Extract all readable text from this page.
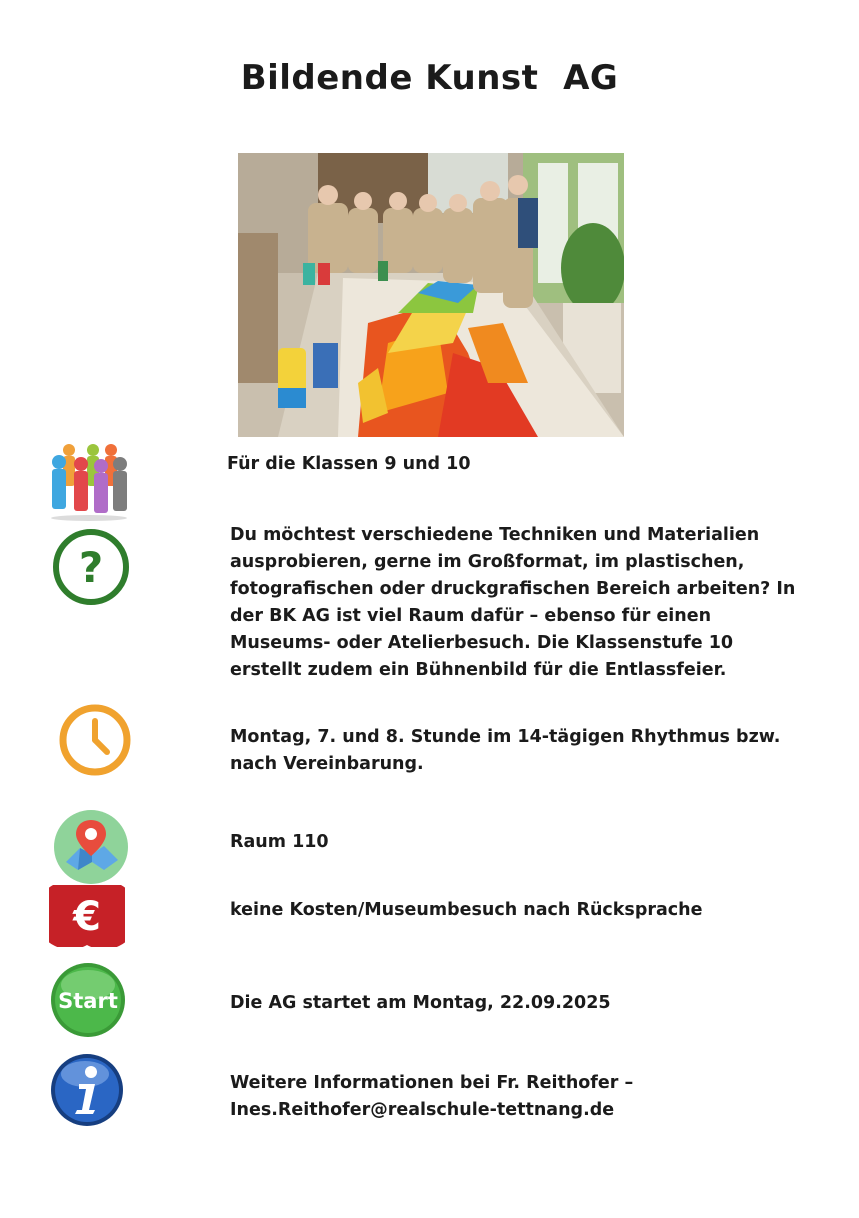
Bildende Kunst  AG
Für die Klassen 9 und 10
?
Du möchtest verschiedene Techniken und Materialien ausprobieren, gerne im Großformat, im plastischen, fotografischen oder druckgrafischen Bereich arbeiten? In der BK AG ist viel Raum dafür – ebenso für einen Museums- oder Atelierbesuch. Die Klassenstufe 10 erstellt zudem ein Bühnenbild für die Entlassfeier.
Montag, 7. und 8. Stunde im 14-tägigen Rhythmus bzw. nach Vereinbarung.
Raum 110
€	keine Kosten/Museumbesuch nach Rücksprache
Start	Die AG startet am Montag, 22.09.2025
Weitere Informationen bei Fr. Reithofer –
Ines.Reithofer@realschule-tettnang.de
